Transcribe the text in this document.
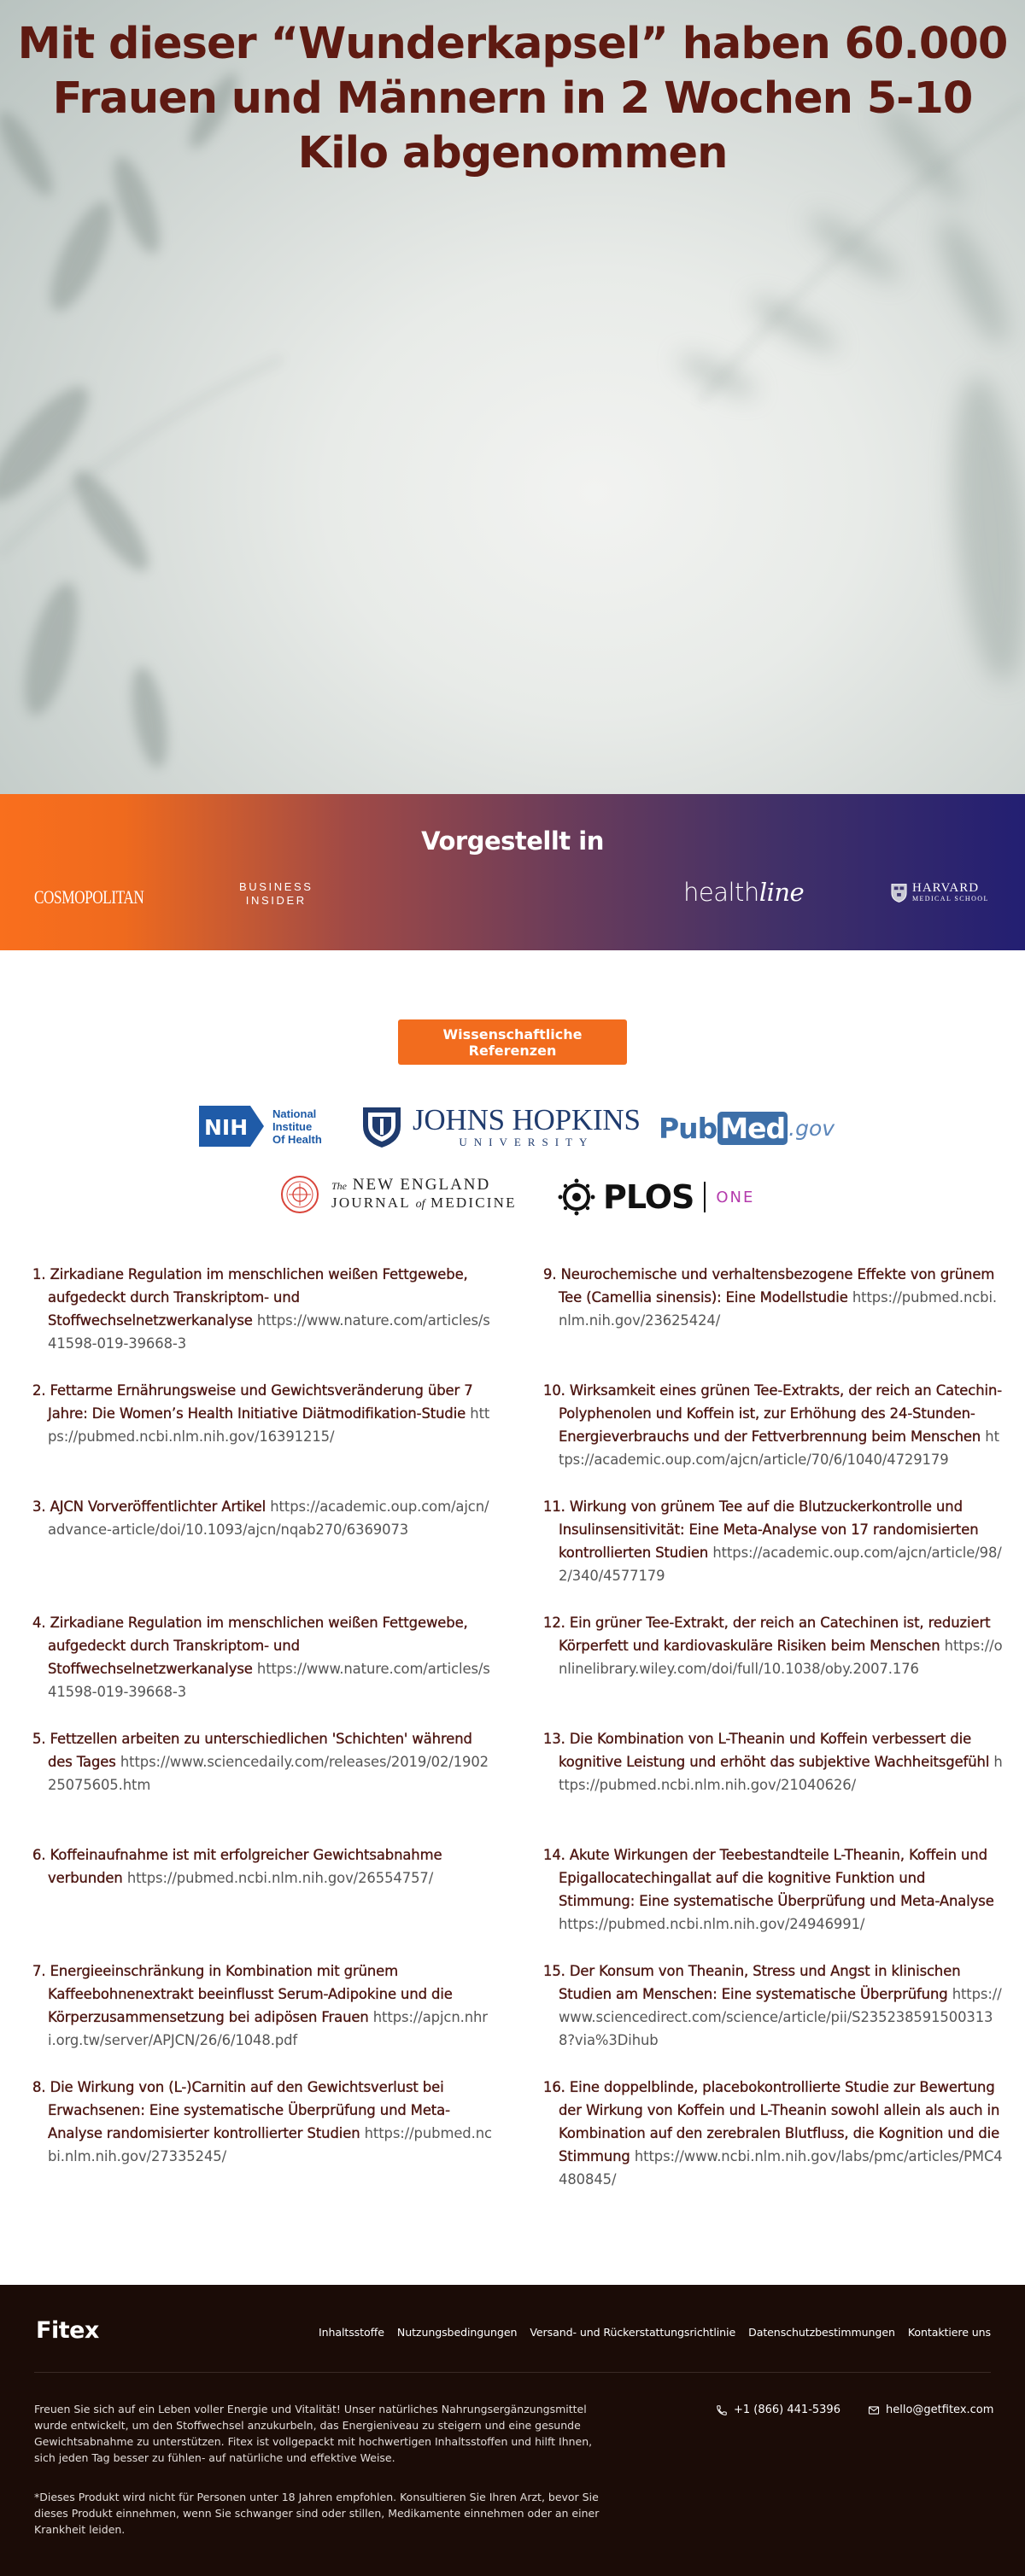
Mit dieser “Wunderkapsel” haben 60.000 Frauen und Männern in 2 Wochen 5-10 Kilo abgenommen
Vorgestellt in
COSMOPOLITAN	BUSINESS
INSIDER	healthline	HARVARD
MEDICAL SCHOOL
Wissenschaftliche Referenzen
NIH
National
Institue
Of Health
JOHNS HOPKINS
UNIVERSITY	Pub Med .gov
The NEW ENGLAND
JOURNAL of MEDICINE	PLOS ONE
1. Zirkadiane Regulation im menschlichen weißen Fettgewebe, aufgedeckt durch Transkriptom- und Stoffwechselnetzwerkanalyse https://www.nature.com/articles/s41598-019-39668-3
2. Fettarme Ernährungsweise und Gewichtsveränderung über 7 Jahre: Die Women’s Health Initiative Diätmodifikation-Studie https://pubmed.ncbi.nlm.nih.gov/16391215/
3. AJCN Vorveröffentlichter Artikel https://academic.oup.com/ajcn/advance-article/doi/10.1093/ajcn/nqab270/6369073
4. Zirkadiane Regulation im menschlichen weißen Fettgewebe, aufgedeckt durch Transkriptom- und Stoffwechselnetzwerkanalyse https://www.nature.com/articles/s41598-019-39668-3
5. Fettzellen arbeiten zu unterschiedlichen 'Schichten' während des Tages https://www.sciencedaily.com/releases/2019/02/190225075605.htm
6. Koffeinaufnahme ist mit erfolgreicher Gewichtsabnahme verbunden https://pubmed.ncbi.nlm.nih.gov/26554757/
7. Energieeinschränkung in Kombination mit grünem Kaffeebohnenextrakt beeinflusst Serum-Adipokine und die Körperzusammensetzung bei adipösen Frauen https://apjcn.nhri.org.tw/server/APJCN/26/6/1048.pdf
8. Die Wirkung von (L-)Carnitin auf den Gewichtsverlust bei Erwachsenen: Eine systematische Überprüfung und Meta-Analyse randomisierter kontrollierter Studien https://pubmed.ncbi.nlm.nih.gov/27335245/
9. Neurochemische und verhaltensbezogene Effekte von grünem Tee (Camellia sinensis): Eine Modellstudie https://pubmed.ncbi.nlm.nih.gov/23625424/
10. Wirksamkeit eines grünen Tee-Extrakts, der reich an Catechin-Polyphenolen und Koffein ist, zur Erhöhung des 24-Stunden-Energieverbrauchs und der Fettverbrennung beim Menschen https://academic.oup.com/ajcn/article/70/6/1040/4729179
11. Wirkung von grünem Tee auf die Blutzuckerkontrolle und Insulinsensitivität: Eine Meta-Analyse von 17 randomisierten kontrollierten Studien https://academic.oup.com/ajcn/article/98/2/340/4577179
12. Ein grüner Tee-Extrakt, der reich an Catechinen ist, reduziert Körperfett und kardiovaskuläre Risiken beim Menschen https://onlinelibrary.wiley.com/doi/full/10.1038/oby.2007.176
13. Die Kombination von L-Theanin und Koffein verbessert die kognitive Leistung und erhöht das subjektive Wachheitsgefühl https://pubmed.ncbi.nlm.nih.gov/21040626/
14. Akute Wirkungen der Teebestandteile L-Theanin, Koffein und Epigallocatechingallat auf die kognitive Funktion und Stimmung: Eine systematische Überprüfung und Meta-Analyse https://pubmed.ncbi.nlm.nih.gov/24946991/
15. Der Konsum von Theanin, Stress und Angst in klinischen Studien am Menschen: Eine systematische Überprüfung https://www.sciencedirect.com/science/article/pii/S2352385915003138?via%3Dihub
16. Eine doppelblinde, placebokontrollierte Studie zur Bewertung der Wirkung von Koffein und L-Theanin sowohl allein als auch in Kombination auf den zerebralen Blutfluss, die Kognition und die Stimmung https://www.ncbi.nlm.nih.gov/labs/pmc/articles/PMC4480845/
Fitex	Inhaltsstoffe Nutzungsbedingungen Versand- und Rückerstattungsrichtlinie Datenschutzbestimmungen Kontaktiere uns

Freuen Sie sich auf ein Leben voller Energie und Vitalität! Unser natürliches Nahrungsergänzungsmittel wurde entwickelt, um den Stoffwechsel anzukurbeln, das Energieniveau zu steigern und eine gesunde Gewichtsabnahme zu unterstützen. Fitex ist vollgepackt mit hochwertigen Inhaltsstoffen und hilft Ihnen, sich jeden Tag besser zu fühlen- auf natürliche und effektive Weise.

*Dieses Produkt wird nicht für Personen unter 18 Jahren empfohlen. Konsultieren Sie Ihren Arzt, bevor Sie dieses Produkt einnehmen, wenn Sie schwanger sind oder stillen, Medikamente einnehmen oder an einer Krankheit leiden.

+1 (866) 441-5396	hello@getfitex.com
